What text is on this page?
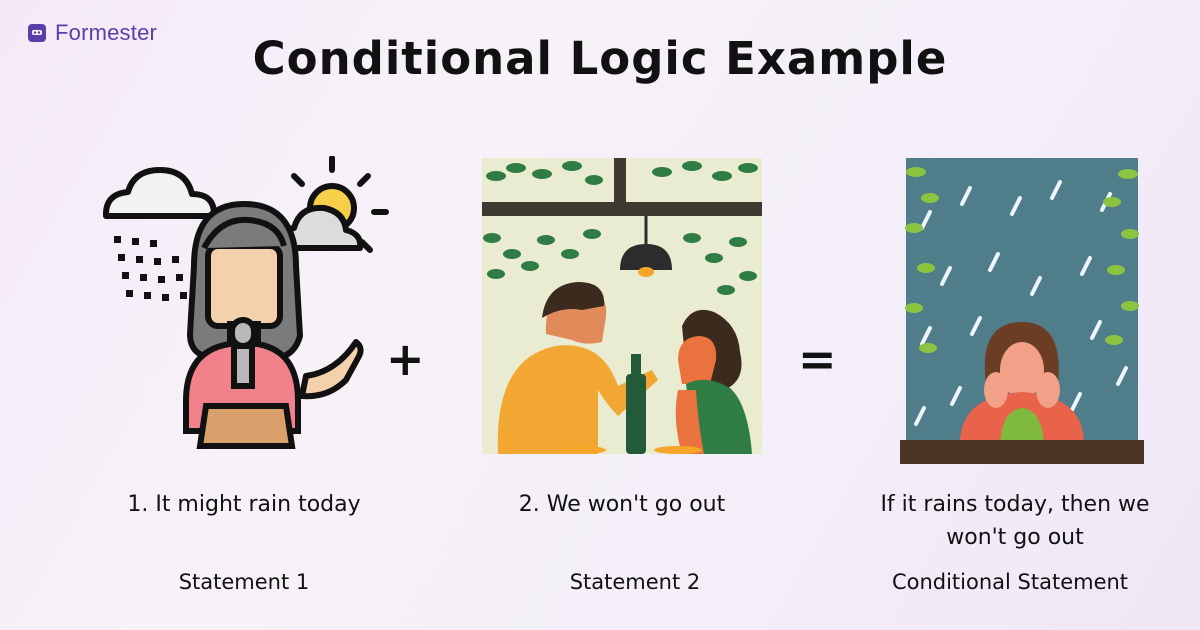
Formester	Conditional Logic Example
+	=
1. It might rain today	2. We won't go out	If it rains today, then we won't go out
Statement 1	Statement 2	Conditional Statement
